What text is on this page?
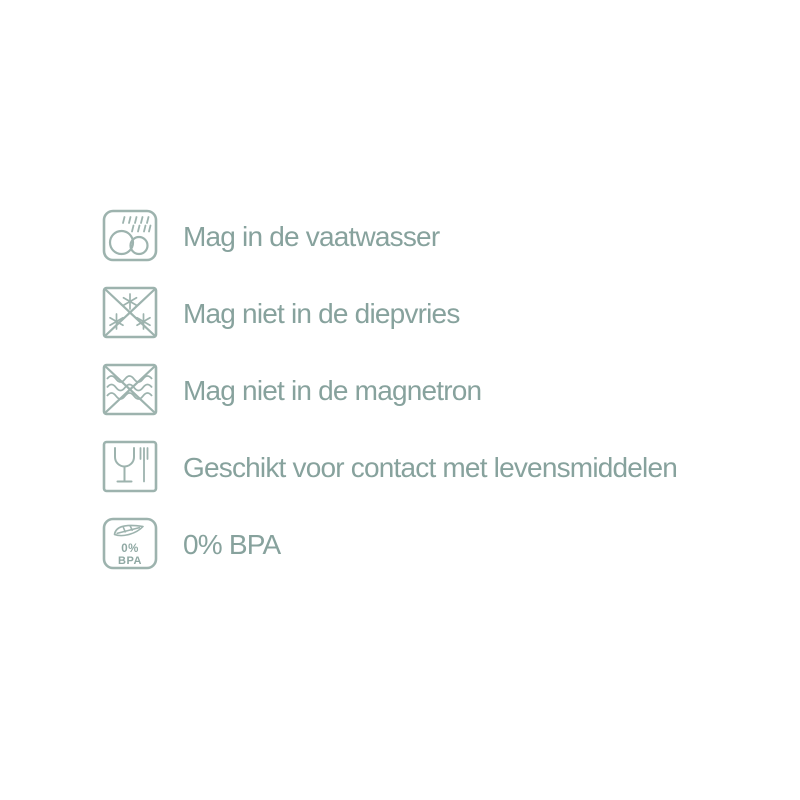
Mag in de vaatwasser
Mag niet in de diepvries
Mag niet in de magnetron
Geschikt voor contact met levensmiddelen
0%
BPA
0% BPA
